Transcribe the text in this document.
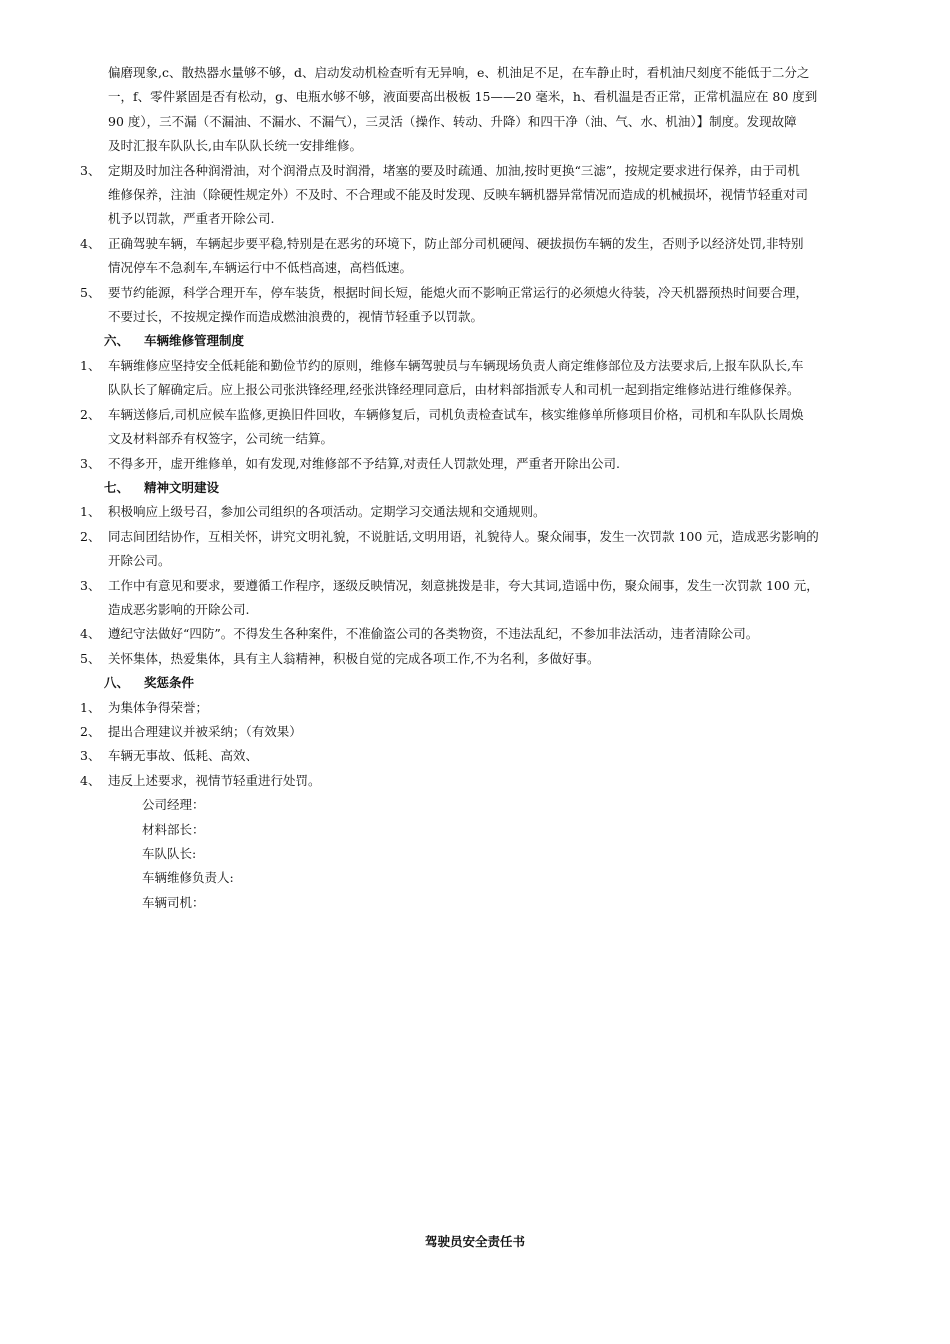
偏磨现象,c、散热器水量够不够，d、启动发动机检查听有无异响，e、机油足不足，在车静止时，看机油尺刻度不能低于二分之
一，f、零件紧固是否有松动，g、电瓶水够不够，液面要高出极板 15——20 毫米，h、看机温是否正常，正常机温应在 80 度到
90 度），三不漏（不漏油、不漏水、不漏气），三灵活（操作、转动、升降）和四干净（油、气、水、机油）】制度。发现故障
及时汇报车队队长,由车队队长统一安排维修。
3、 定期及时加注各种润滑油，对个润滑点及时润滑，堵塞的要及时疏通、加油,按时更换“三滤”，按规定要求进行保养，由于司机
维修保养，注油（除硬性规定外）不及时、不合理或不能及时发现、反映车辆机器异常情况而造成的机械损坏，视情节轻重对司
机予以罚款，严重者开除公司.
4、 正确驾驶车辆，车辆起步要平稳,特别是在恶劣的环境下，防止部分司机硬闯、硬拔损伤车辆的发生，否则予以经济处罚,非特别
情况停车不急刹车,车辆运行中不低档高速，高档低速。
5、 要节约能源，科学合理开车，停车装货，根据时间长短，能熄火而不影响正常运行的必须熄火待装，冷天机器预热时间要合理，
不要过长，不按规定操作而造成燃油浪费的，视情节轻重予以罚款。
六、	车辆维修管理制度
1、 车辆维修应坚持安全低耗能和勤俭节约的原则，维修车辆驾驶员与车辆现场负责人商定维修部位及方法要求后,上报车队队长,车
队队长了解确定后。应上报公司张洪锋经理,经张洪锋经理同意后，由材料部指派专人和司机一起到指定维修站进行维修保养。
2、 车辆送修后,司机应候车监修,更换旧件回收，车辆修复后，司机负责检查试车，核实维修单所修项目价格，司机和车队队长周焕
文及材料部乔有权签字，公司统一结算。
3、 不得多开，虚开维修单，如有发现,对维修部不予结算,对责任人罚款处理，严重者开除出公司.
七、	精神文明建设
1、 积极响应上级号召，参加公司组织的各项活动。定期学习交通法规和交通规则。
2、 同志间团结协作，互相关怀，讲究文明礼貌，不说脏话,文明用语，礼貌待人。聚众闹事，发生一次罚款 100 元，造成恶劣影响的
开除公司。
3、 工作中有意见和要求，要遵循工作程序，逐级反映情况，刻意挑拨是非，夸大其词,造谣中伤，聚众闹事，发生一次罚款 100 元，
造成恶劣影响的开除公司.
4、 遵纪守法做好“四防”。不得发生各种案件，不准偷盗公司的各类物资，不违法乱纪，不参加非法活动，违者清除公司。
5、 关怀集体，热爱集体，具有主人翁精神，积极自觉的完成各项工作,不为名利，多做好事。
八、	奖惩条件
1、 为集体争得荣誉；
2、 提出合理建议并被采纳；（有效果）
3、 车辆无事故、低耗、高效、
4、 违反上述要求，视情节轻重进行处罚。
公司经理：
材料部长：
车队队长:
车辆维修负责人:
车辆司机：
驾驶员安全责任书
